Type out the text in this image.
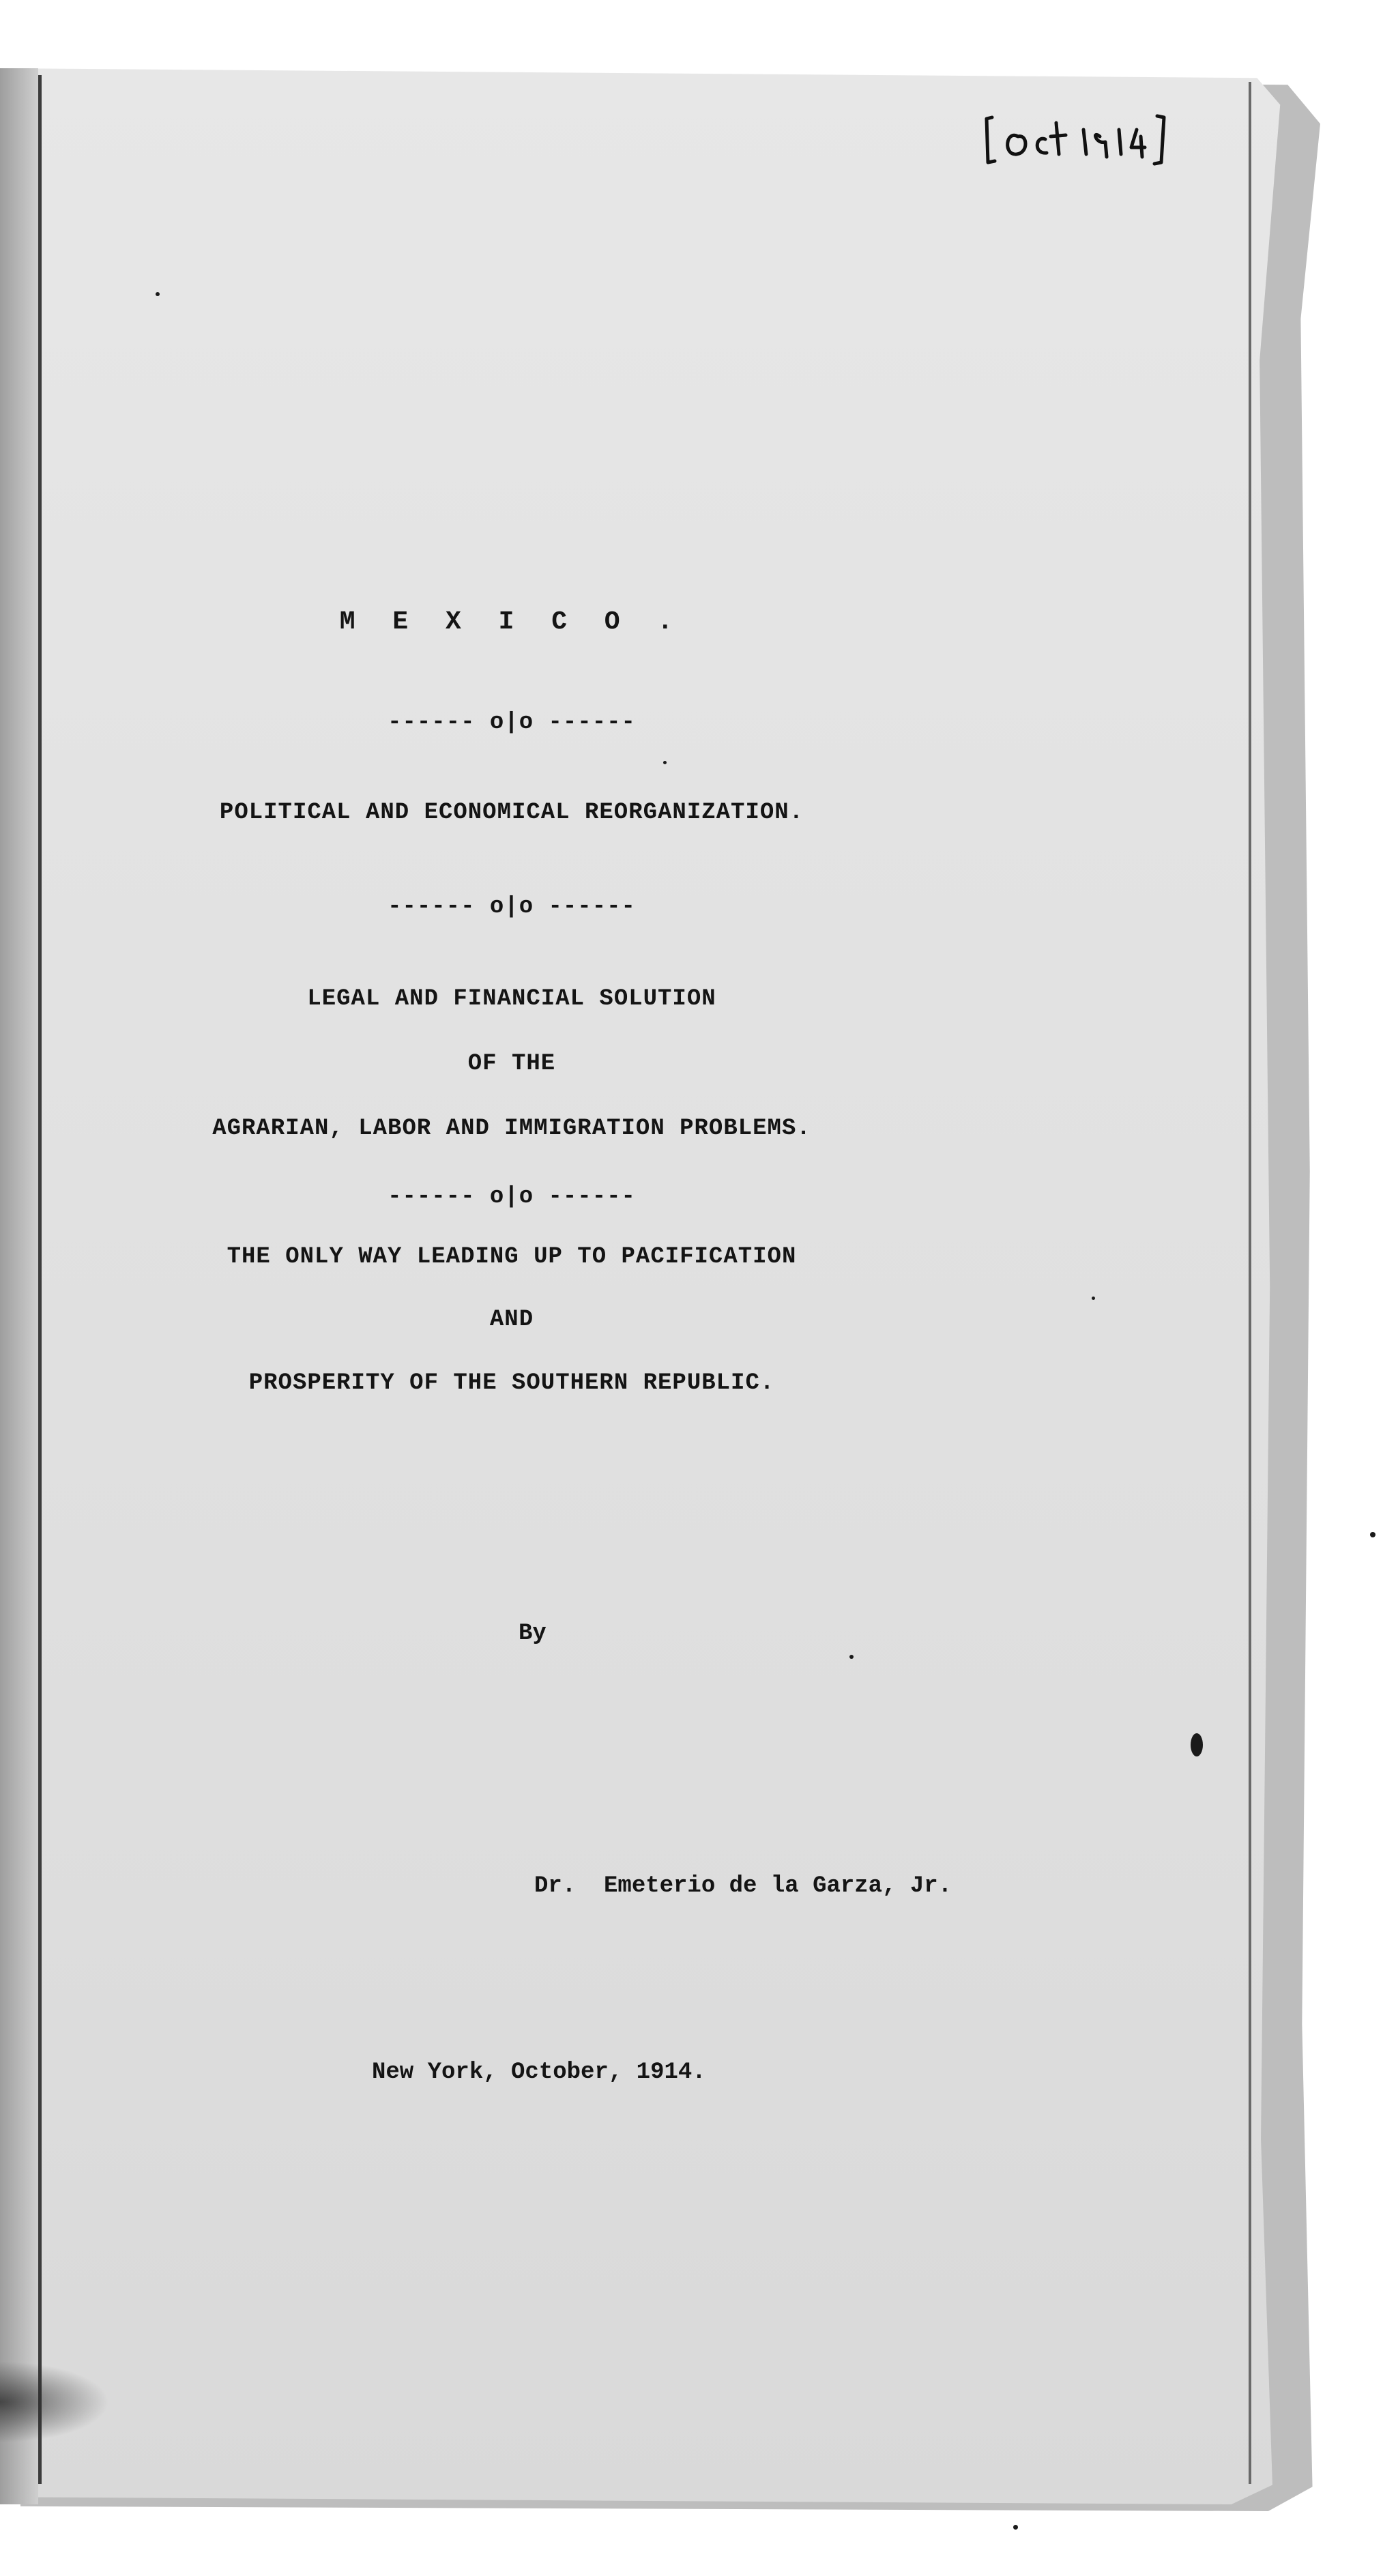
M E X I C O .
------ o|o ------
POLITICAL AND ECONOMICAL REORGANIZATION.
------ o|o ------
LEGAL AND FINANCIAL SOLUTION
OF THE
AGRARIAN, LABOR AND IMMIGRATION PROBLEMS.
------ o|o ------
THE ONLY WAY LEADING UP TO PACIFICATION
AND
PROSPERITY OF THE SOUTHERN REPUBLIC.
By
Dr.  Emeterio de la Garza, Jr.
New York, October, 1914.
